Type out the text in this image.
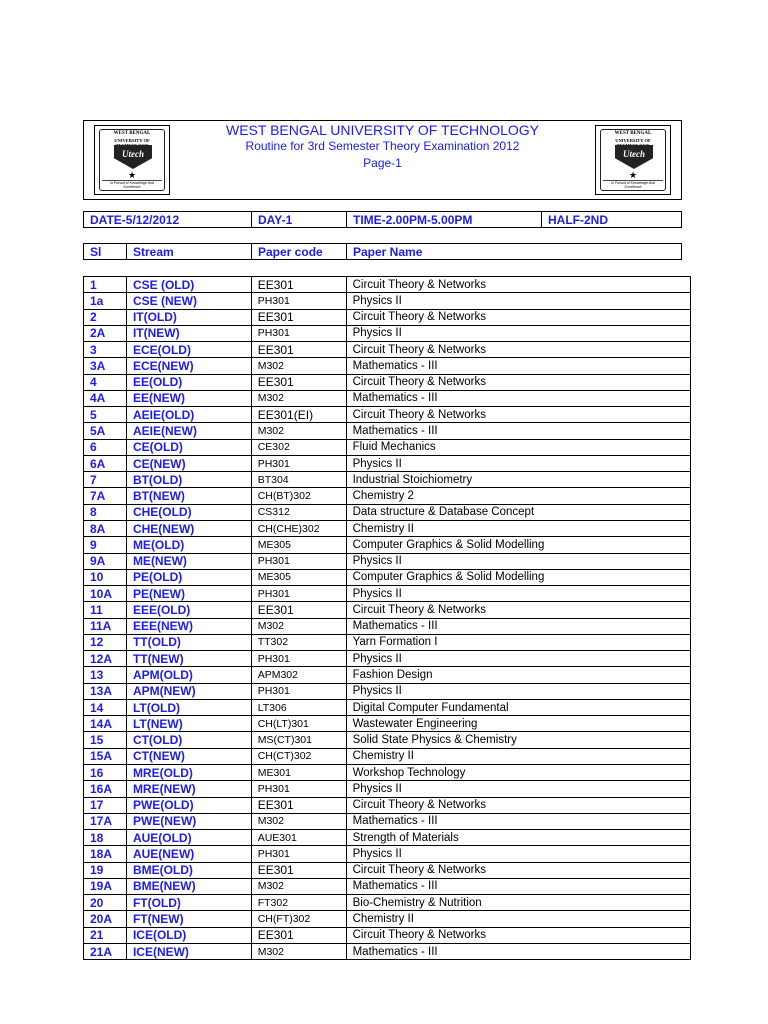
WEST BENGAL
UNIVERSITY OF
Utech
★
In Pursuit of Knowledge And Excellence
WEST BENGAL UNIVERSITY OF TECHNOLOGY
Routine for 3rd Semester Theory Examination 2012
Page-1
WEST BENGAL
UNIVERSITY OF
Utech
★
In Pursuit of Knowledge And Excellence
DATE-5/12/2012	DAY-1	TIME-2.00PM-5.00PM	HALF-2ND
Sl	Stream	Paper code	Paper Name
1	CSE (OLD)	EE301	Circuit Theory & Networks
1a	CSE (NEW)	PH301	Physics II
2	IT(OLD)	EE301	Circuit Theory & Networks
2A	IT(NEW)	PH301	Physics II
3	ECE(OLD)	EE301	Circuit Theory & Networks
3A	ECE(NEW)	M302	Mathematics - III
4	EE(OLD)	EE301	Circuit Theory & Networks
4A	EE(NEW)	M302	Mathematics - III
5	AEIE(OLD)	EE301(EI)	Circuit Theory & Networks
5A	AEIE(NEW)	M302	Mathematics - III
6	CE(OLD)	CE302	Fluid Mechanics
6A	CE(NEW)	PH301	Physics II
7	BT(OLD)	BT304	Industrial Stoichiometry
7A	BT(NEW)	CH(BT)302	Chemistry 2
8	CHE(OLD)	CS312	Data structure & Database Concept
8A	CHE(NEW)	CH(CHE)302	Chemistry II
9	ME(OLD)	ME305	Computer Graphics & Solid Modelling
9A	ME(NEW)	PH301	Physics II
10	PE(OLD)	ME305	Computer Graphics & Solid Modelling
10A	PE(NEW)	PH301	Physics II
11	EEE(OLD)	EE301	Circuit Theory & Networks
11A	EEE(NEW)	M302	Mathematics - III
12	TT(OLD)	TT302	Yarn Formation I
12A	TT(NEW)	PH301	Physics II
13	APM(OLD)	APM302	Fashion Design
13A	APM(NEW)	PH301	Physics II
14	LT(OLD)	LT306	Digital Computer Fundamental
14A	LT(NEW)	CH(LT)301	Wastewater Engineering
15	CT(OLD)	MS(CT)301	Solid State Physics & Chemistry
15A	CT(NEW)	CH(CT)302	Chemistry II
16	MRE(OLD)	ME301	Workshop Technology
16A	MRE(NEW)	PH301	Physics II
17	PWE(OLD)	EE301	Circuit Theory & Networks
17A	PWE(NEW)	M302	Mathematics - III
18	AUE(OLD)	AUE301	Strength of Materials
18A	AUE(NEW)	PH301	Physics II
19	BME(OLD)	EE301	Circuit Theory & Networks
19A	BME(NEW)	M302	Mathematics - III
20	FT(OLD)	FT302	Bio-Chemistry & Nutrition
20A	FT(NEW)	CH(FT)302	Chemistry II
21	ICE(OLD)	EE301	Circuit Theory & Networks
21A	ICE(NEW)	M302	Mathematics - III
